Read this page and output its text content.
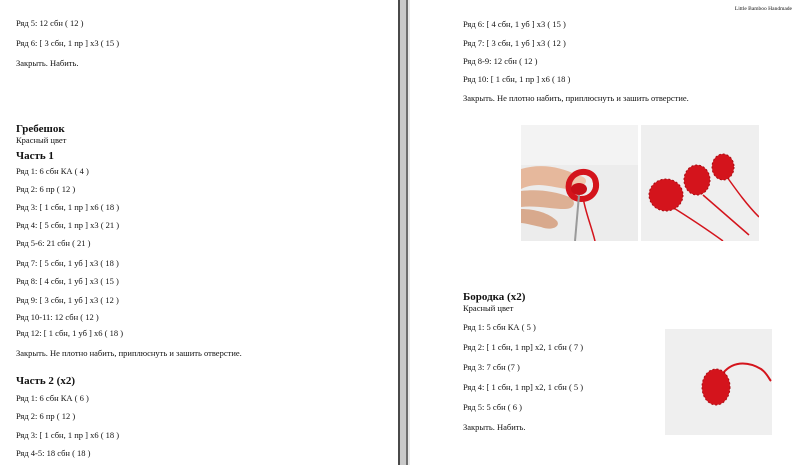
Ряд 5: 12 сбн ( 12 )
Ряд 6: [ 3 сбн, 1 пр ] х3 ( 15 )
Закрыть. Набить.
Гребешок
Красный цвет
Часть 1
Ряд 1: 6 сбн КА ( 4 )
Ряд 2: 6 пр ( 12 )
Ряд 3: [ 1 сбн, 1 пр ] х6 ( 18 )
Ряд 4: [ 5 сбн, 1 пр ] х3 ( 21 )
Ряд 5-6: 21 сбн ( 21 )
Ряд 7: [ 5 сбн, 1 уб ] х3 ( 18 )
Ряд 8: [ 4 сбн, 1 уб ] х3 ( 15 )
Ряд 9: [ 3 сбн, 1 уб ] х3 ( 12 )
Ряд 10-11: 12 сбн ( 12 )
Ряд 12: [ 1 сбн, 1 уб ] х6 ( 18 )
Закрыть. Не плотно набить, приплюснуть и зашить отверстие.
Часть 2 (х2)
Ряд 1: 6 сбн КА ( 6 )
Ряд 2: 6 пр ( 12 )
Ряд 3: [ 1 сбн, 1 пр ] х6 ( 18 )
Ряд 4-5: 18 сбн ( 18 )
Little Bamboo Handmade
Ряд 6: [ 4 сбн, 1 уб ] х3 ( 15 )
Ряд 7: [ 3 сбн, 1 уб ] х3 ( 12 )
Ряд 8-9: 12 сбн ( 12 )
Ряд 10: [ 1 сбн, 1 пр ] х6 ( 18 )
Закрыть. Не плотно набить, приплюснуть и зашить отверстие.
Бородка (х2)
Красный цвет
Ряд 1: 5 сбн КА ( 5 )
Ряд 2: [ 1 сбн, 1 пр] х2, 1 сбн ( 7 )
Ряд 3: 7 сбн (7 )
Ряд 4: [ 1 сбн, 1 пр] х2, 1 сбн ( 5 )
Ряд 5: 5 сбн ( 6 )
Закрыть. Набить.
